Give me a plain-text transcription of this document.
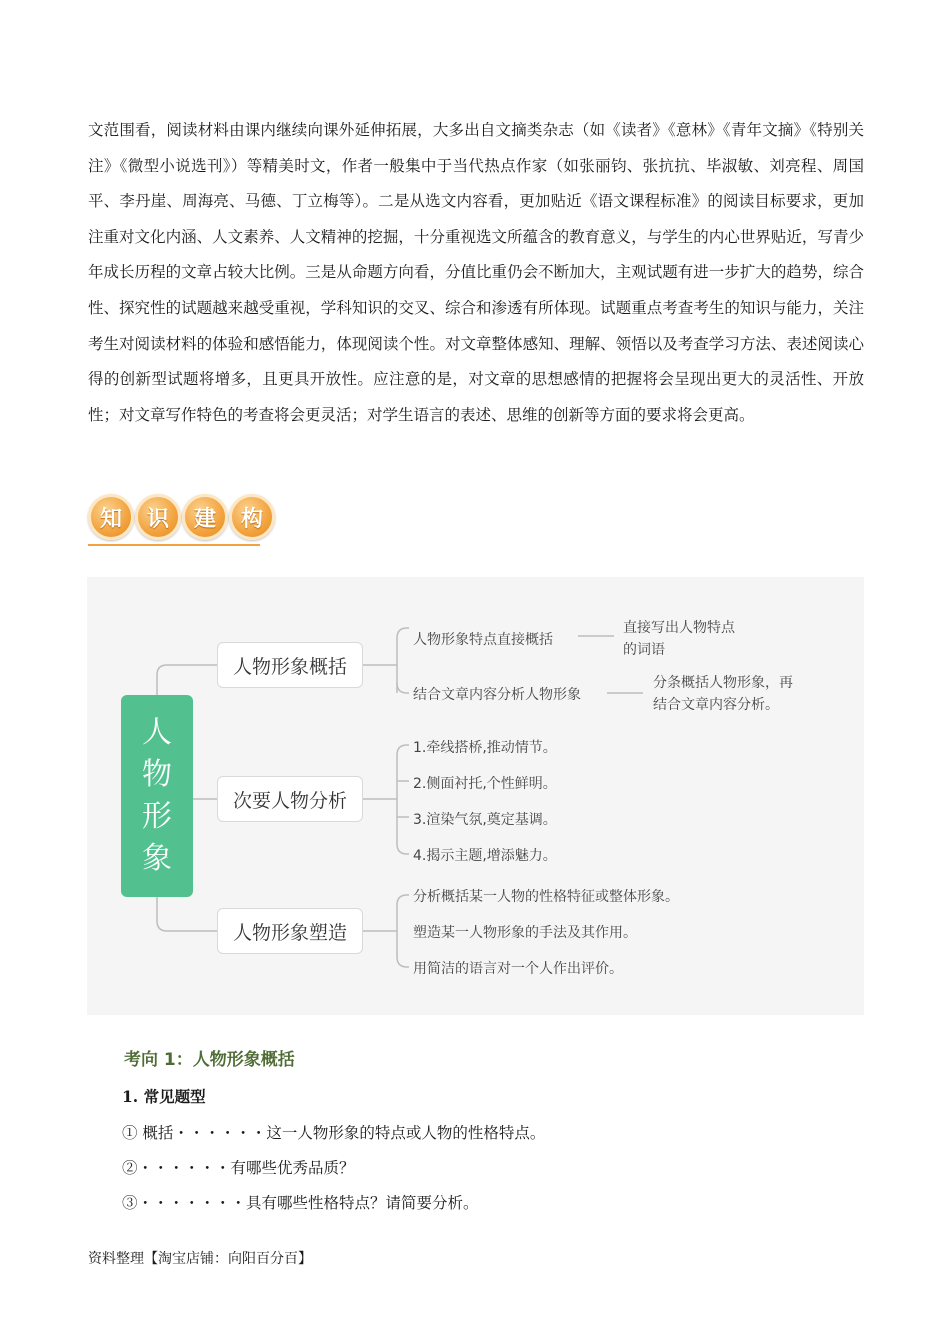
文范围看，阅读材料由课内继续向课外延伸拓展，大多出自文摘类杂志（如《读者》《意林》《青年文摘》《特别关注》《微型小说选刊》）等精美时文，作者一般集中于当代热点作家（如张丽钧、张抗抗、毕淑敏、刘亮程、周国平、李丹崖、周海亮、马德、丁立梅等）。二是从选文内容看，更加贴近《语文课程标准》的阅读目标要求，更加注重对文化内涵、人文素养、人文精神的挖掘，十分重视选文所蕴含的教育意义，与学生的内心世界贴近，写青少年成长历程的文章占较大比例。三是从命题方向看，分值比重仍会不断加大，主观试题有进一步扩大的趋势，综合性、探究性的试题越来越受重视，学科知识的交叉、综合和渗透有所体现。试题重点考查考生的知识与能力，关注考生对阅读材料的体验和感悟能力，体现阅读个性。对文章整体感知、理解、领悟以及考查学习方法、表述阅读心得的创新型试题将增多，且更具开放性。应注意的是，对文章的思想感情的把握将会呈现出更大的灵活性、开放性；对文章写作特色的考查将会更灵活；对学生语言的表述、思维的创新等方面的要求将会更高。

知	识	建	构
人物形象
人物形象概括
次要人物分析
人物形象塑造
人物形象特点直接概括
结合文章内容分析人物形象
直接写出人物特点
的词语
分条概括人物形象，再
结合文章内容分析。
1.牵线搭桥,推动情节。
2.侧面衬托,个性鲜明。
3.渲染气氛,奠定基调。
4.揭示主题,增添魅力。
分析概括某一人物的性格特征或整体形象。
塑造某一人物形象的手法及其作用。
用简洁的语言对一个人作出评价。
考向 1：人物形象概括
1. 常见题型
① 概括・・・・・・这一人物形象的特点或人物的性格特点。
②・・・・・・有哪些优秀品质？
③・・・・・・・具有哪些性格特点？请简要分析。
资料整理【淘宝店铺：向阳百分百】
